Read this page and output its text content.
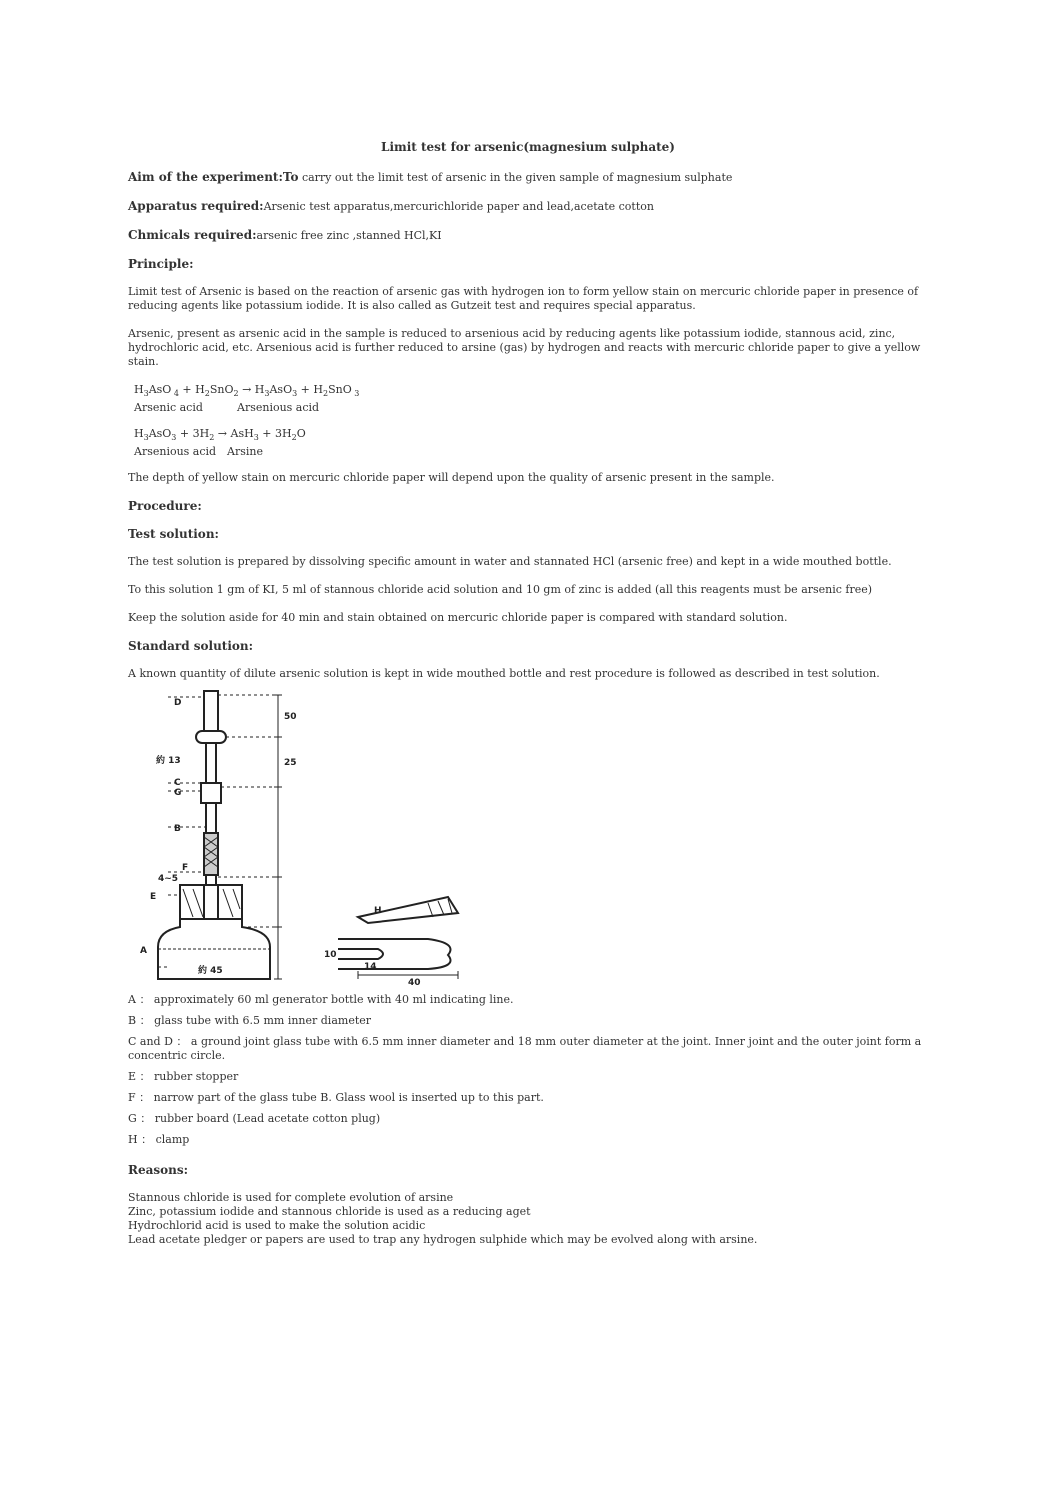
Limit test for arsenic(magnesium sulphate)
Aim of the experiment:To carry out the limit test of arsenic in the given sample of magnesium sulphate
Apparatus required:Arsenic test apparatus,mercurichloride paper and lead,acetate cotton
Chmicals required:arsenic free zinc ,stanned HCl,KI
Principle:

Limit test of Arsenic is based on the reaction of arsenic gas with hydrogen ion to form yellow stain on mercuric chloride paper in presence of reducing agents like potassium iodide. It is also called as Gutzeit test and requires special apparatus.

Arsenic, present as arsenic acid in the sample is reduced to arsenious acid by reducing agents like potassium iodide, stannous acid, zinc, hydrochloric acid, etc. Arsenious acid is further reduced to arsine (gas) by hydrogen and reacts with mercuric chloride paper to give a yellow stain.

$H_3AsO$ $_4 + H_2SnO_2 \to H_3AsO_3 + H_2SnO$ $_3$
Arsenic acid	Arsenious acid
$H_3AsO_3 + 3H_2 \to AsH_3 + 3H_2O$
Arsenious acid Arsine

The depth of yellow stain on mercuric chloride paper will depend upon the quality of arsenic present in the sample.

Procedure:
Test solution:

The test solution is prepared by dissolving specific amount in water and stannated HCl (arsenic free) and kept in a wide mouthed bottle.

To this solution 1 gm of KI, 5 ml of stannous chloride acid solution and 10 gm of zinc is added (all this reagents must be arsenic free)

Keep the solution aside for 40 min and stain obtained on mercuric chloride paper is compared with standard solution.

Standard solution:

A known quantity of dilute arsenic solution is kept in wide mouthed bottle and rest procedure is followed as described in test solution.

D
C
G
B
F
E
A
H
4~5
約 13
約 45	14
40
50
25
10
A ： approximately 60 ml generator bottle with 40 ml indicating line.
B ： glass tube with 6.5 mm inner diameter
C and D ： a ground joint glass tube with 6.5 mm inner diameter and 18 mm outer diameter at the joint. Inner joint and the outer joint form a concentric circle.
E ： rubber stopper
F ： narrow part of the glass tube B. Glass wool is inserted up to this part.
G ： rubber board (Lead acetate cotton plug)
H ： clamp
Reasons:

Stannous chloride is used for complete evolution of arsine

Zinc, potassium iodide and stannous chloride is used as a reducing aget

Hydrochlorid acid is used to make the solution acidic

Lead acetate pledger or papers are used to trap any hydrogen sulphide which may be evolved along with arsine.
